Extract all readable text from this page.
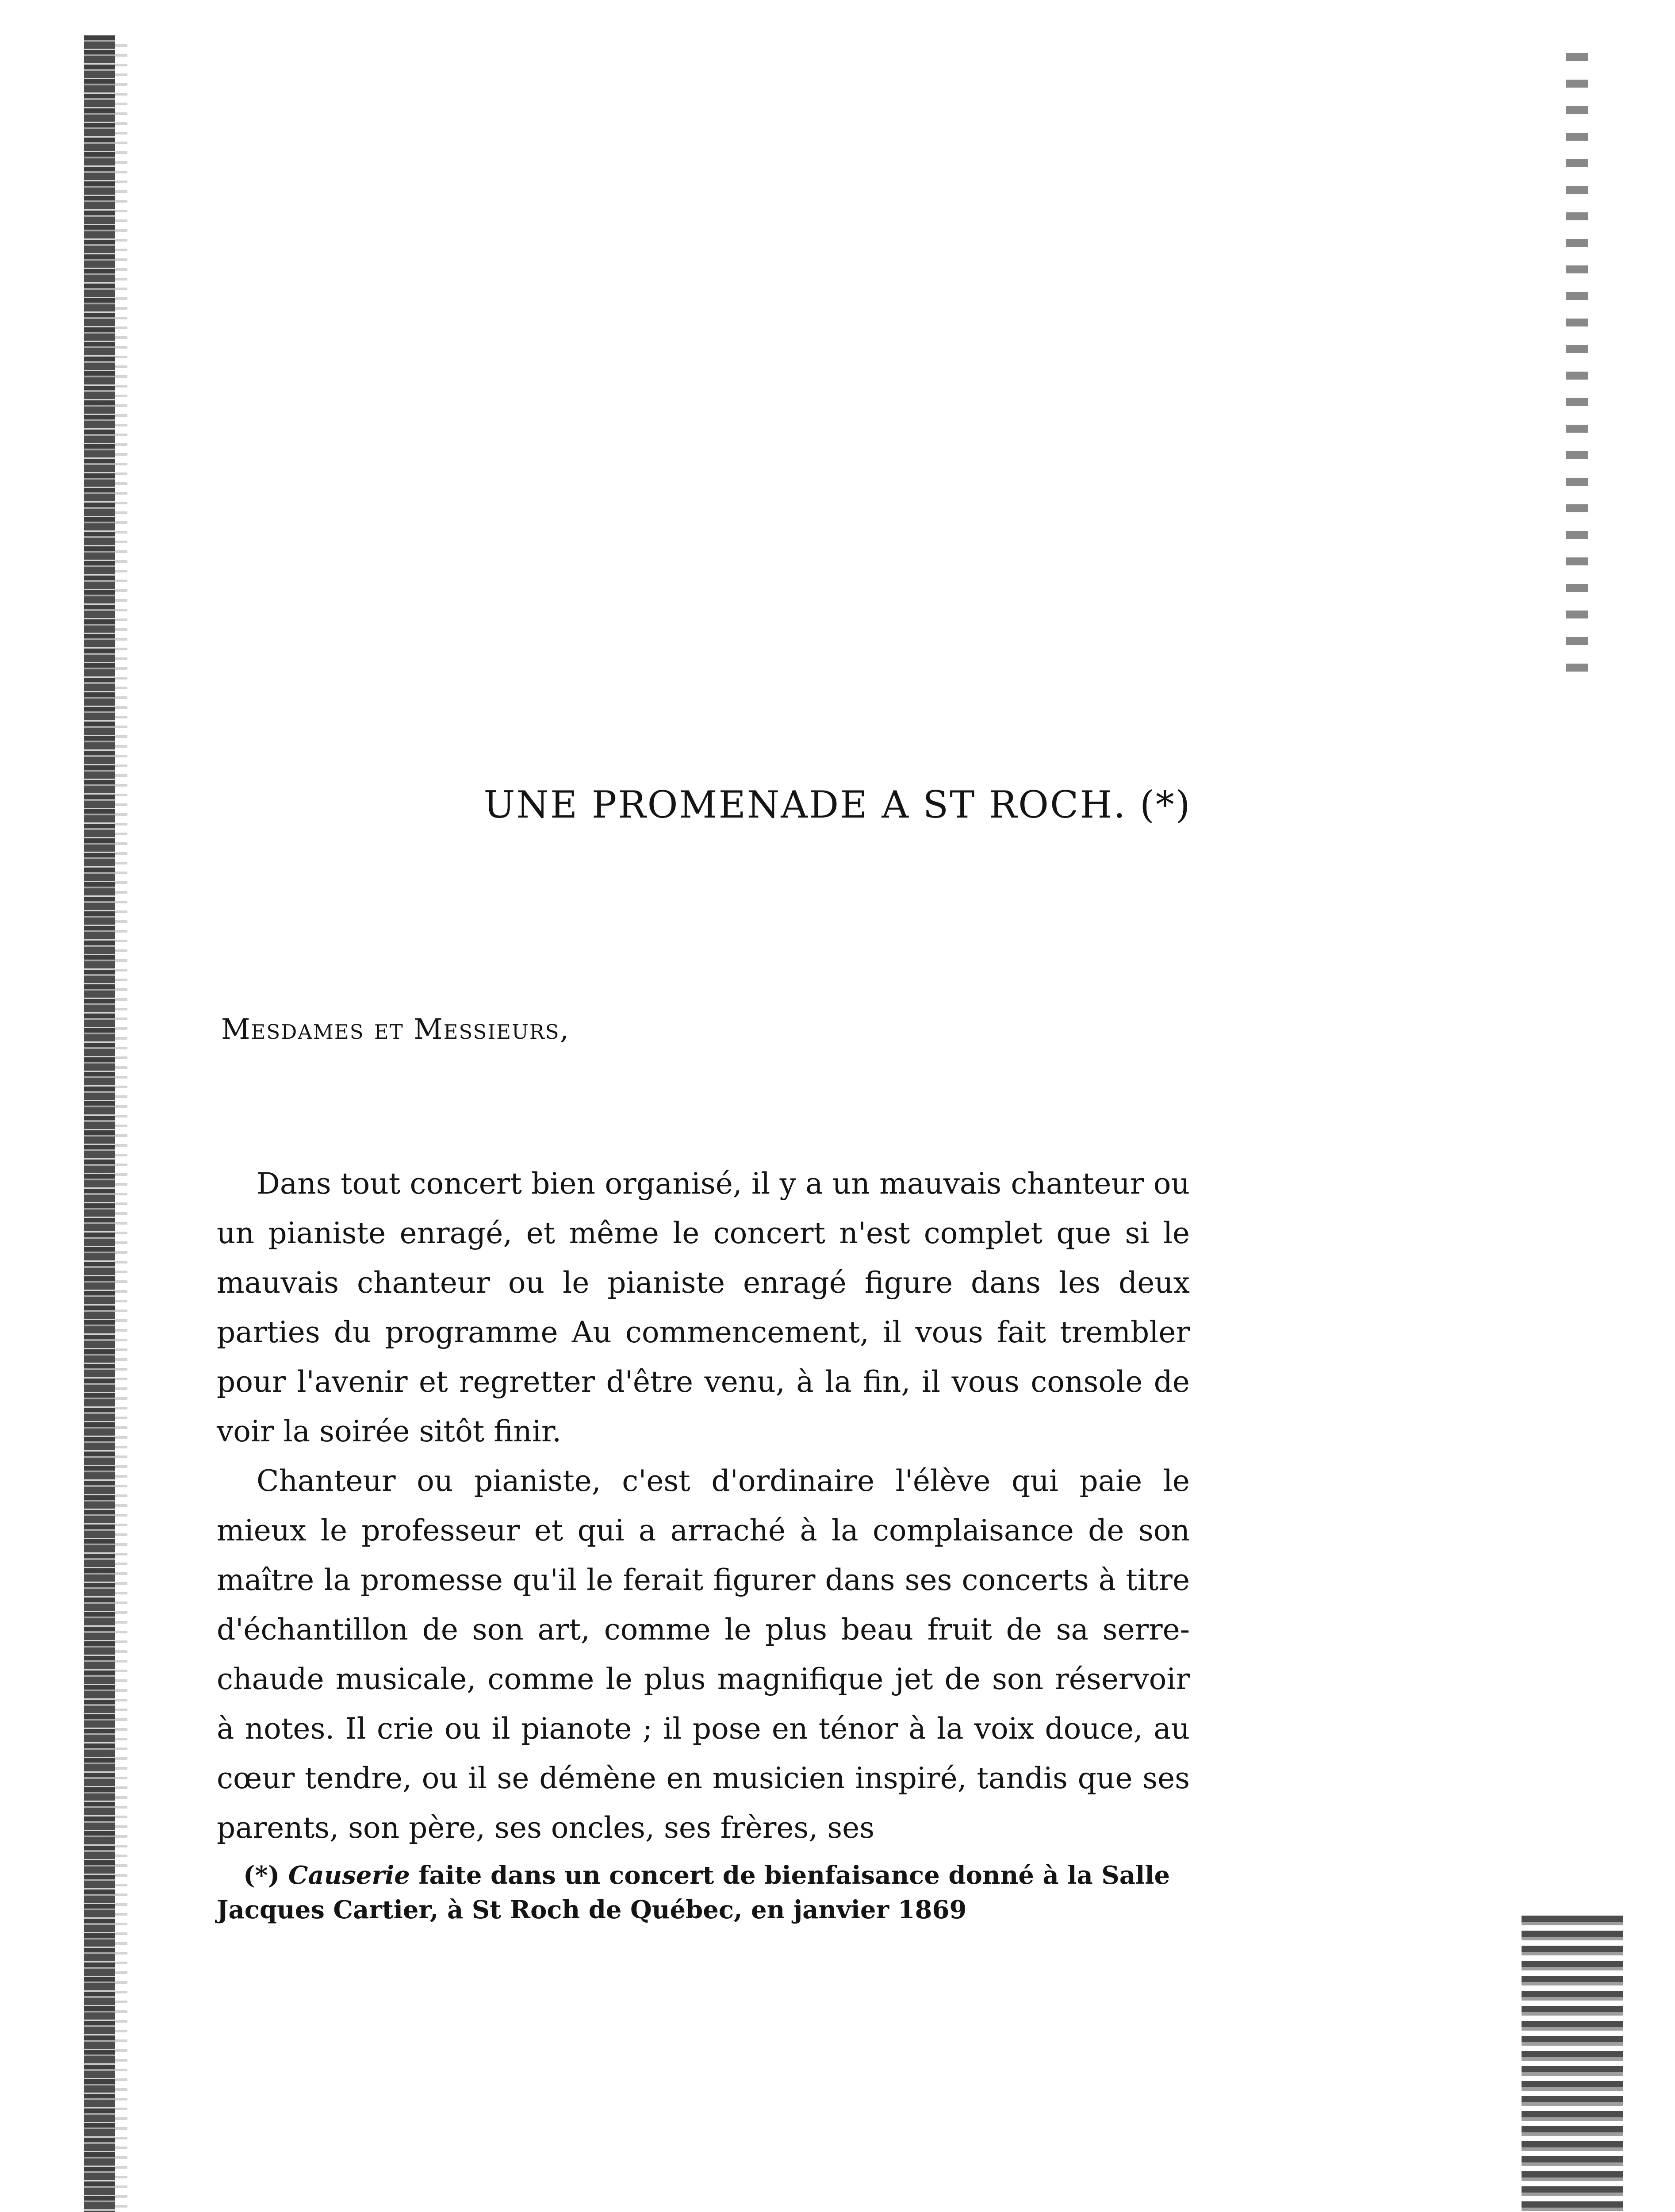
UNE PROMENADE A ST ROCH. (*)
Mesdames et Messieurs,

Dans tout concert bien organisé, il y a un mauvais chanteur ou un pianiste enragé, et même le concert n'est complet que si le mauvais chanteur ou le pianiste enragé figure dans les deux parties du programme Au commencement, il vous fait trembler pour l'avenir et regretter d'être venu, à la fin, il vous console de voir la soirée sitôt finir.

Chanteur ou pianiste, c'est d'ordinaire l'élève qui paie le mieux le professeur et qui a arraché à la complaisance de son maître la promesse qu'il le ferait figurer dans ses concerts à titre d'échantillon de son art, comme le plus beau fruit de sa serre-chaude musicale, comme le plus magnifique jet de son réservoir à notes. Il crie ou il pianote ; il pose en ténor à la voix douce, au cœur tendre, ou il se démène en musicien inspiré, tandis que ses parents, son père, ses oncles, ses frères, ses

(*) Causerie faite dans un concert de bienfaisance donné à la Salle Jacques Cartier, à St Roch de Québec, en janvier 1869
